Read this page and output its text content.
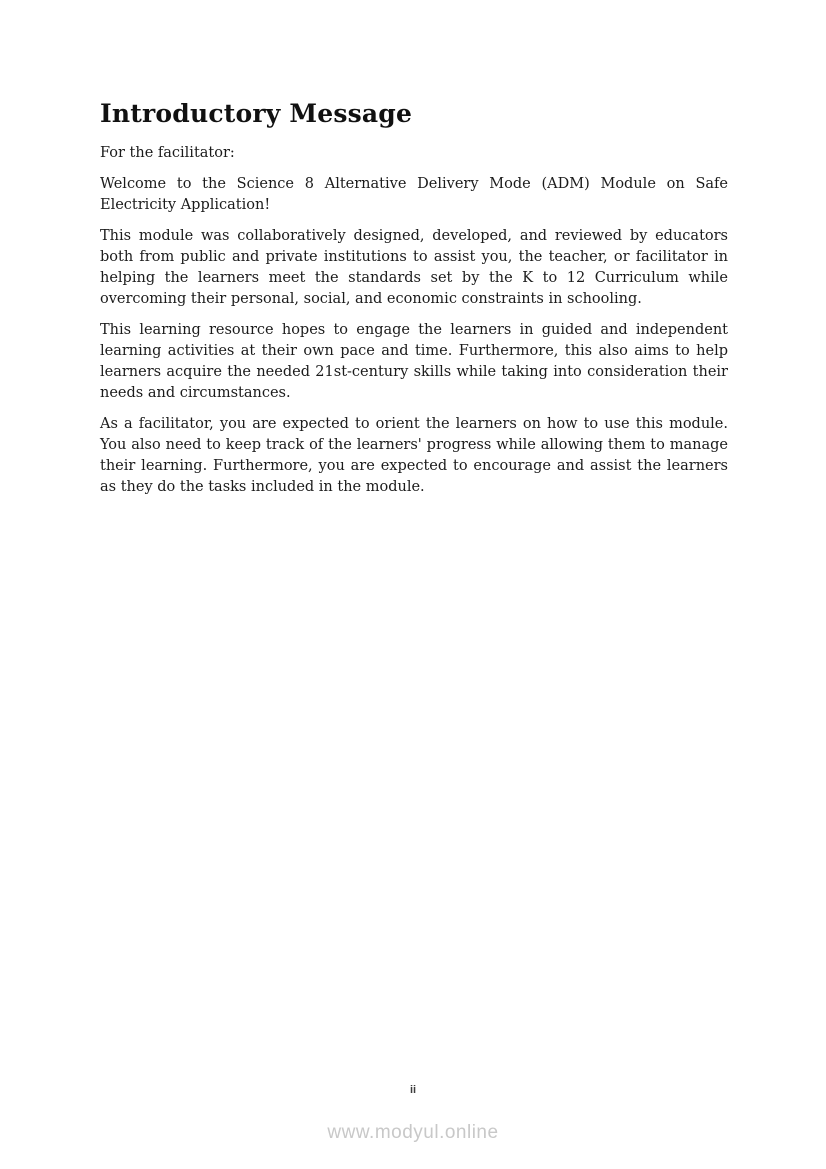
Introductory Message

For the facilitator:

Welcome to the Science 8 Alternative Delivery Mode (ADM) Module on Safe Electricity Application!

This module was collaboratively designed, developed, and reviewed by educators both from public and private institutions to assist you, the teacher, or facilitator in helping the learners meet the standards set by the K to 12 Curriculum while overcoming their personal, social, and economic constraints in schooling.

This learning resource hopes to engage the learners in guided and independent learning activities at their own pace and time. Furthermore, this also aims to help learners acquire the needed 21st-century skills while taking into consideration their needs and circumstances.

As a facilitator, you are expected to orient the learners on how to use this module. You also need to keep track of the learners' progress while allowing them to manage their learning. Furthermore, you are expected to encourage and assist the learners as they do the tasks included in the module.

ii
www.modyul.online
